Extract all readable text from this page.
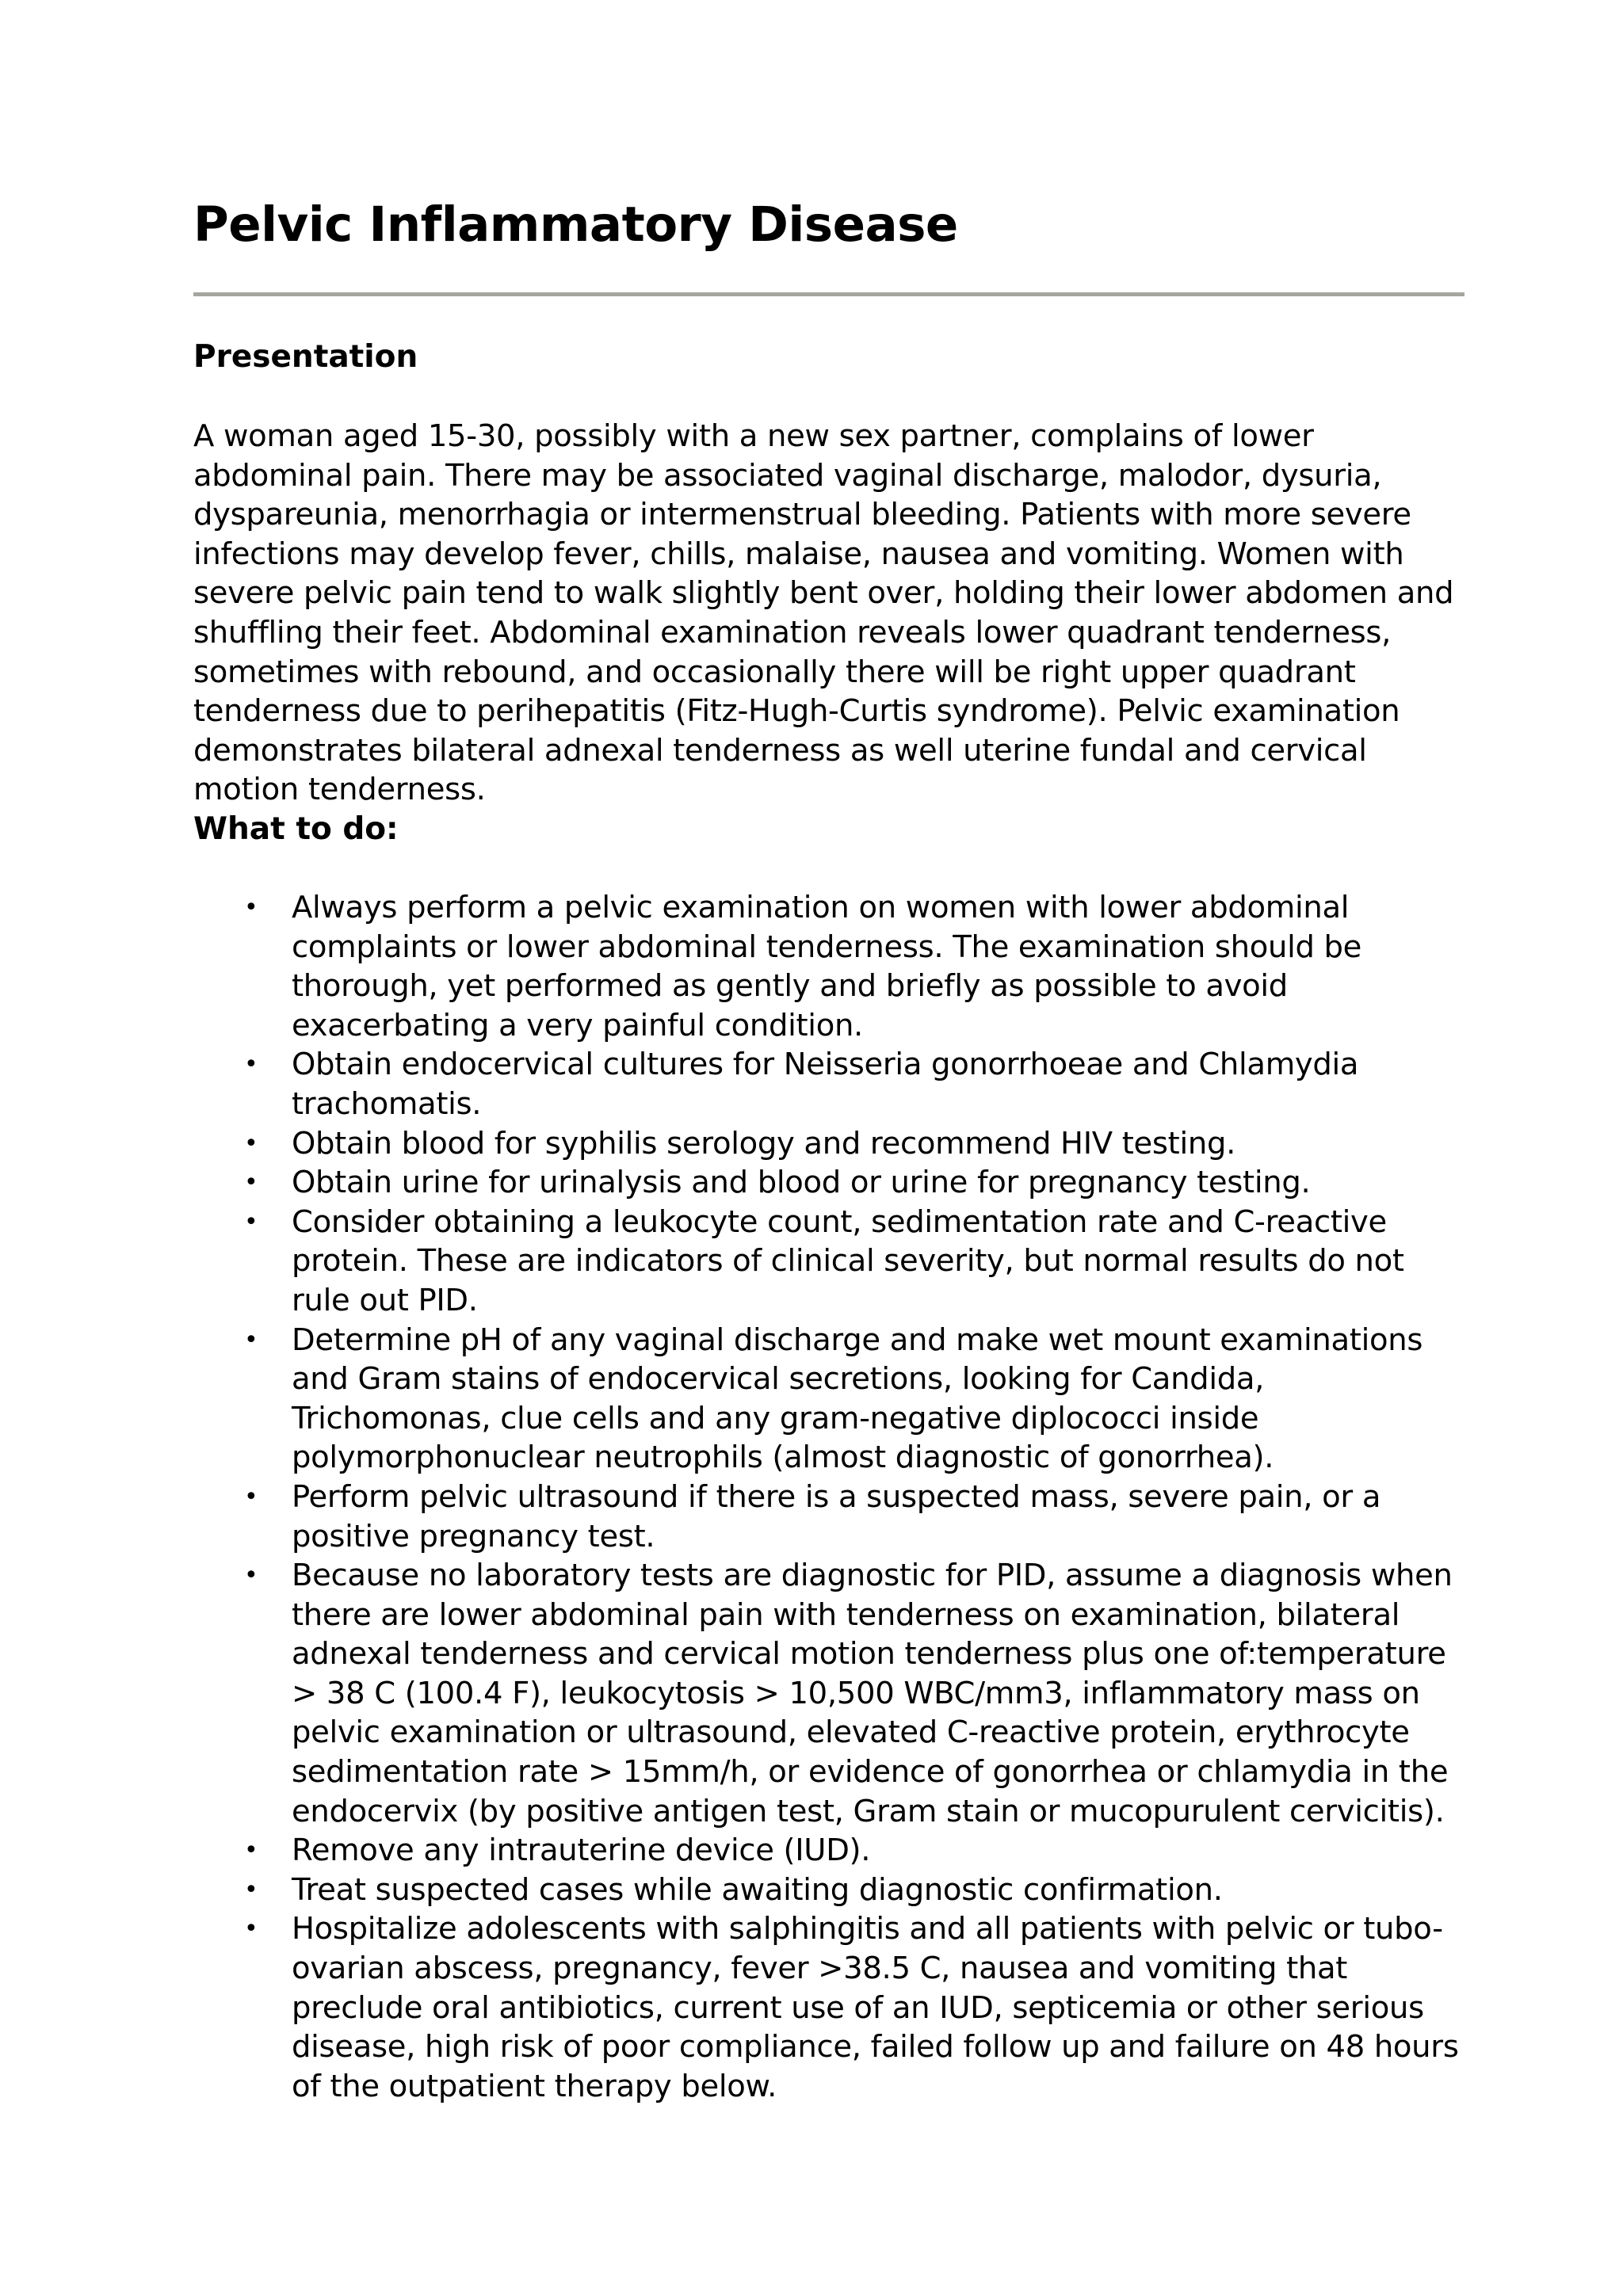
Pelvic Inflammatory Disease
Presentation

A woman aged 15-30, possibly with a new sex partner, complains of lower abdominal pain. There may be associated vaginal discharge, malodor, dysuria, dyspareunia, menorrhagia or intermenstrual bleeding. Patients with more severe infections may develop fever, chills, malaise, nausea and vomiting. Women with severe pelvic pain tend to walk slightly bent over, holding their lower abdomen and shuffling their feet. Abdominal examination reveals lower quadrant tenderness, sometimes with rebound, and occasionally there will be right upper quadrant tenderness due to perihepatitis (Fitz-Hugh-Curtis syndrome). Pelvic examination demonstrates bilateral adnexal tenderness as well uterine fundal and cervical motion tenderness.

What to do:
• Always perform a pelvic examination on women with lower abdominal complaints or lower abdominal tenderness. The examination should be thorough, yet performed as gently and briefly as possible to avoid exacerbating a very painful condition.
• Obtain endocervical cultures for Neisseria gonorrhoeae and Chlamydia trachomatis.
• Obtain blood for syphilis serology and recommend HIV testing.
• Obtain urine for urinalysis and blood or urine for pregnancy testing.
• Consider obtaining a leukocyte count, sedimentation rate and C-reactive protein. These are indicators of clinical severity, but normal results do not rule out PID.
• Determine pH of any vaginal discharge and make wet mount examinations and Gram stains of endocervical secretions, looking for Candida, Trichomonas, clue cells and any gram-negative diplococci inside polymorphonuclear neutrophils (almost diagnostic of gonorrhea).
• Perform pelvic ultrasound if there is a suspected mass, severe pain, or a positive pregnancy test.
• Because no laboratory tests are diagnostic for PID, assume a diagnosis when there are lower abdominal pain with tenderness on examination, bilateral adnexal tenderness and cervical motion tenderness plus one of:temperature > 38 C (100.4 F), leukocytosis > 10,500 WBC/mm3, inflammatory mass on pelvic examination or ultrasound, elevated C-reactive protein, erythrocyte sedimentation rate > 15mm/h, or evidence of gonorrhea or chlamydia in the endocervix (by positive antigen test, Gram stain or mucopurulent cervicitis).
• Remove any intrauterine device (IUD).
• Treat suspected cases while awaiting diagnostic confirmation.
• Hospitalize adolescents with salphingitis and all patients with pelvic or tubo-ovarian abscess, pregnancy, fever >38.5 C, nausea and vomiting that preclude oral antibiotics, current use of an IUD, septicemia or other serious disease, high risk of poor compliance, failed follow up and failure on 48 hours of the outpatient therapy below.
